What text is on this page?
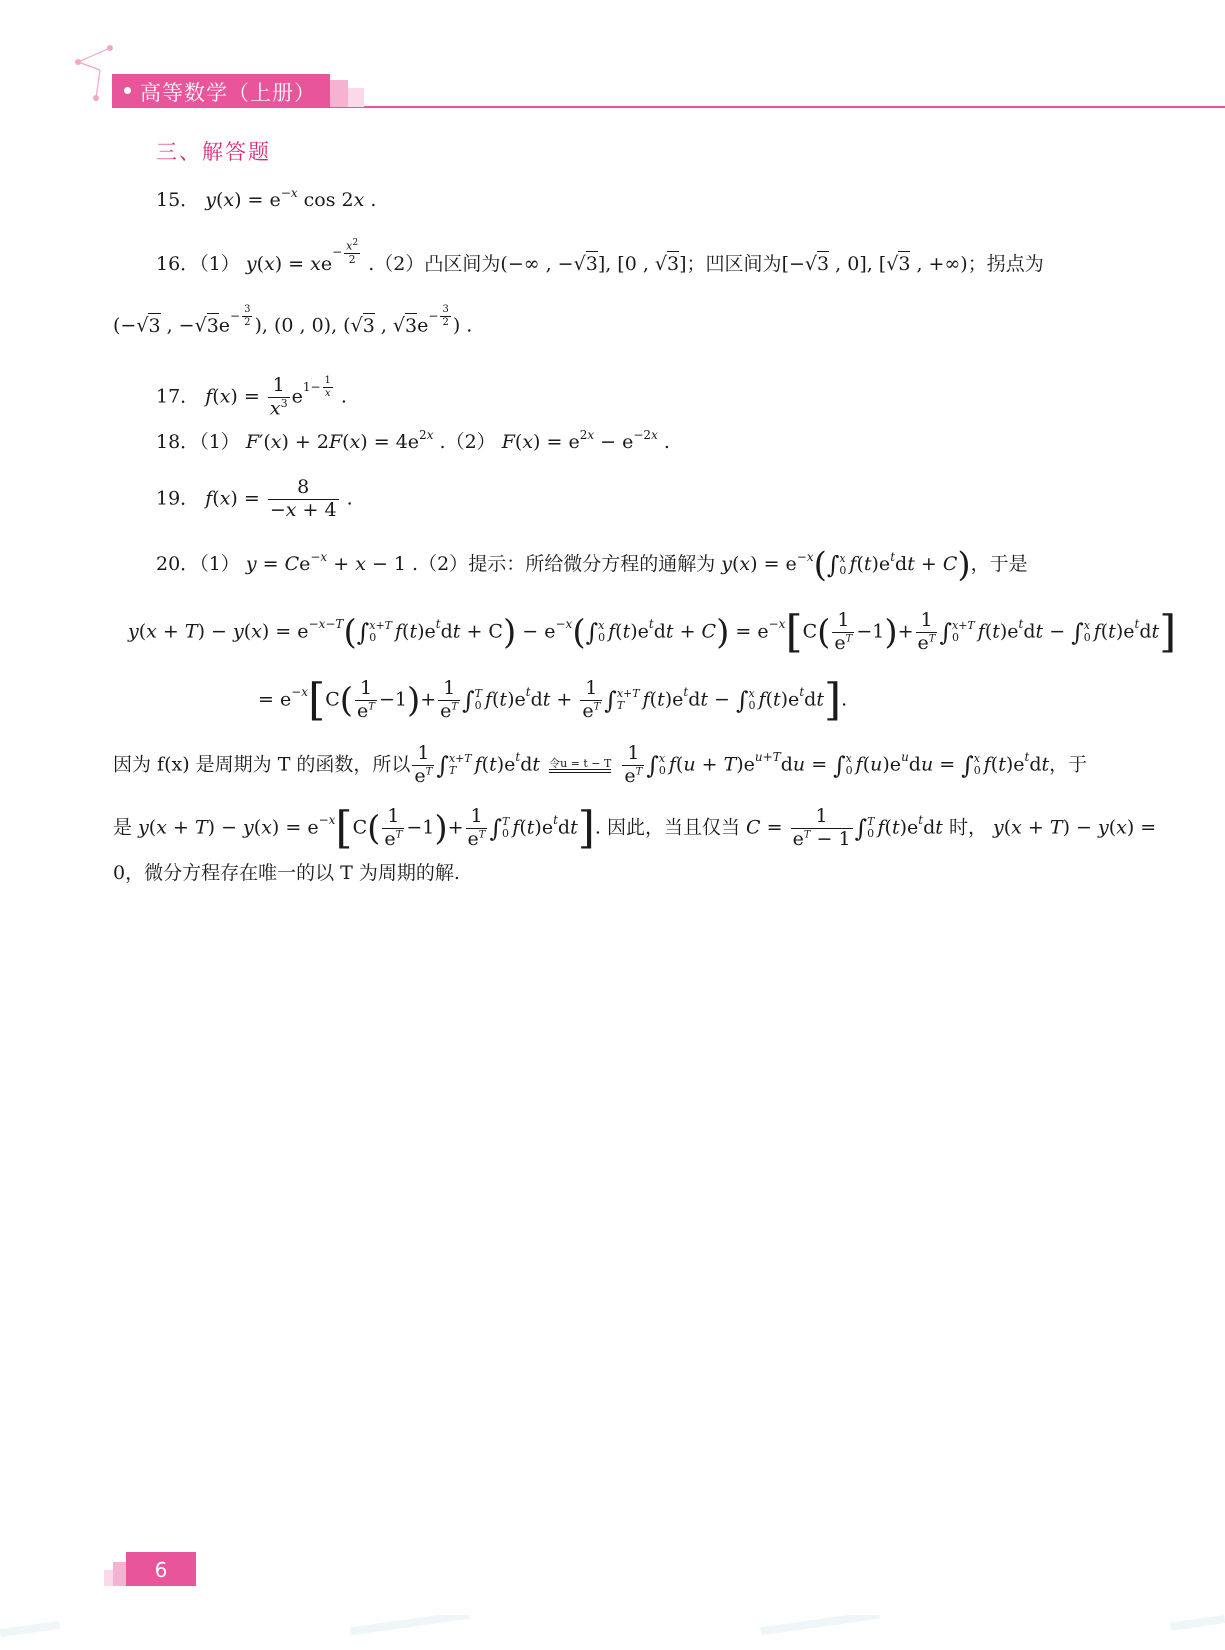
高等数学（上册）
三、解答题
15． $y(x) = e^{-x}$ cos 2x .
16．（1） $y(x) = xe^{- \frac{x^2}{2}}$ .（2）凸区间为(−∞ , −√3], [0 , √3]；凹区间为[−√3 , 0], [√3 , +∞)；拐点为
(−√3 , $-√3e^{- \frac{3}{2}}$ ), (0 , 0), (√3 , $√3e^{- \frac{3}{2}}$ ) .
17． $f(x) = \frac{1}{x^3} e^{1- \frac{1}{x}}$ .
18．（1） $F'(x) + 2F(x) = 4e^{2x}$ .（2） $F(x) = e^{2x} - e^{-2x}$ .
19． $f(x) = \frac{8}{-x + 4}$ .
20．（1） $y = Ce^{-x} + x - 1$ .（2）提示：所给微分方程的通解为 $y(x) = e^{-x}(\int$ x
0 $f(t)e^tdt + C$)，于是
$y(x + T) - y(x) = e^{-x-T}(\int$ x+T
0 $f(t)e^tdt + C) - e^{-x}(\int$ x
0 $f(t)e^tdt + C) = e^{-x}[C( \frac{1}{e^T} -1)+ \frac{1}{e^T}$ ∫ x+T
0 $f(t)e^tdt$ − ∫ x
0 $f(t)e^tdt$]
= $e^{-x}[C( \frac{1}{e^T} -1)+ \frac{1}{e^T}$ ∫ T
0 $f(t)e^tdt + \frac{1}{e^T}$ ∫ x+T
T $f(t)e^tdt$ − ∫ x
0 $f(t)e^tdt$].
因为 f(x) 是周期为 T 的函数，所以 $\frac{1}{e^T}$ ∫ x+T
T $f(t)e^tdt$ 令u = t − T
$\frac{1}{e^T}$ ∫ x
0 $f(u + T)e^{u+T}du$ = ∫ x
0 $f(u)e^udu$ = ∫ x
0 $f(t)e^tdt$，于
是 $y(x + T) - y(x) = e^{-x}[C( \frac{1}{e^T} -1)+ \frac{1}{e^T}$ ∫ T
0 $f(t)e^tdt$]. 因此，当且仅当 $C = \frac{1}{e^T - 1}$ ∫ T
0 $f(t)e^tdt$ 时， y(x + T) − y(x) =
0，微分方程存在唯一的以 T 为周期的解.
6
